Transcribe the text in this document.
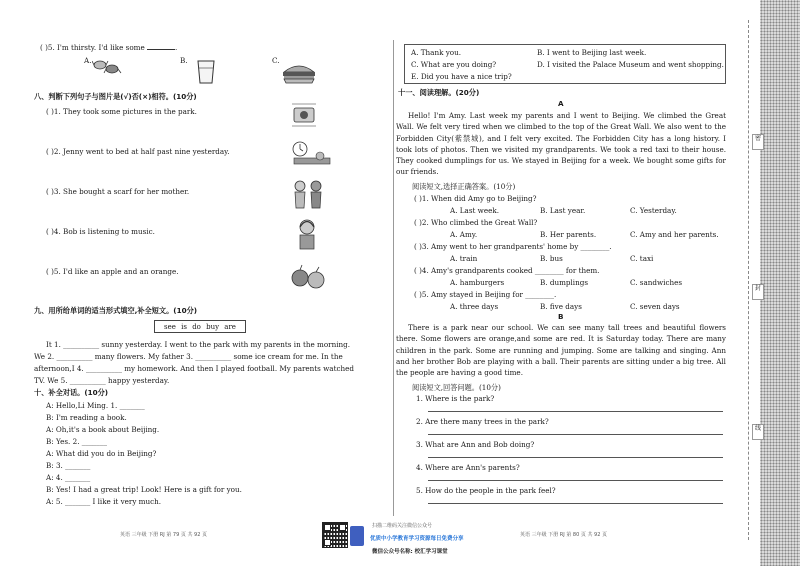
( )5. I'm thirsty. I'd like some	.
A.	B.	C.
八、判断下列句子与图片是(√)否(×)相符。(10分)
( )1. They took some pictures in the park.
( )2. Jenny went to bed at half past nine yesterday.
( )3. She bought a scarf for her mother.
( )4. Bob is listening to music.
( )5. I'd like an apple and an orange.
九、用所给单词的适当形式填空,补全短文。(10分)
see is do buy are
It 1. __________ sunny yesterday. I went to the park with my parents in the morning.
We 2. __________ many flowers. My father 3. __________ some ice cream for me. In the
afternoon,I 4. __________ my homework. And then I played football. My parents watched
TV. We 5. __________ happy yesterday.
十、补全对话。(10分)
A: Hello,Li Ming. 1. _______
B: I'm reading a book.
A: Oh,it's a book about Beijing.
B: Yes. 2. _______
A: What did you do in Beijing?
B: 3. _______
A: 4. _______
B: Yes! I had a great trip! Look! Here is a gift for you.
A: 5. _______ I like it very much.
英语 三年级 下册 RJ 第 79 页 共 92 页
A. Thank you.	B. I went to Beijing last week.
C. What are you doing?	D. I visited the Palace Museum and went shopping.
E. Did you have a nice trip?
十一、阅读理解。(20分)
A
Hello! I'm Amy. Last week my parents and I went to Beijing. We climbed the Great Wall. We felt very tired when we climbed to the top of the Great Wall. We also went to the Forbidden City(紫禁城), and I felt very excited. The Forbidden City has a long history. I took lots of photos. Then we visited my grandparents. We took a red taxi to their house. They cooked dumplings for us. We stayed in Beijing for a week. We bought some gifts for our friends.
阅读短文,选择正确答案。(10分)
( )1. When did Amy go to Beijing?
A. Last week.	B. Last year.	C. Yesterday.
( )2. Who climbed the Great Wall?
A. Amy.	B. Her parents.	C. Amy and her parents.
( )3. Amy went to her grandparents' home by ________.
A. train	B. bus	C. taxi
( )4. Amy's grandparents cooked ________ for them.
A. hamburgers	B. dumplings	C. sandwiches
( )5. Amy stayed in Beijing for ________.
A. three days	B. five days	C. seven days
B
There is a park near our school. We can see many tall trees and beautiful flowers there. Some flowers are orange,and some are red. It is Saturday today. There are many children in the park. Some are running and jumping. Some are talking and singing. Ann and her brother Bob are playing with a ball. Their parents are sitting under a big tree. All the people are having a good time.
阅读短文,回答问题。(10分)
1. Where is the park?
2. Are there many trees in the park?
3. What are Ann and Bob doing?
4. Where are Ann's parents?
5. How do the people in the park feel?
英语 三年级 下册 RJ 第 80 页 共 92 页
扫描二维码关注微信公众号
优质中小学教育学习资源每日免费分享
微信公众号名称: 校汇学习课堂
密
封
线
